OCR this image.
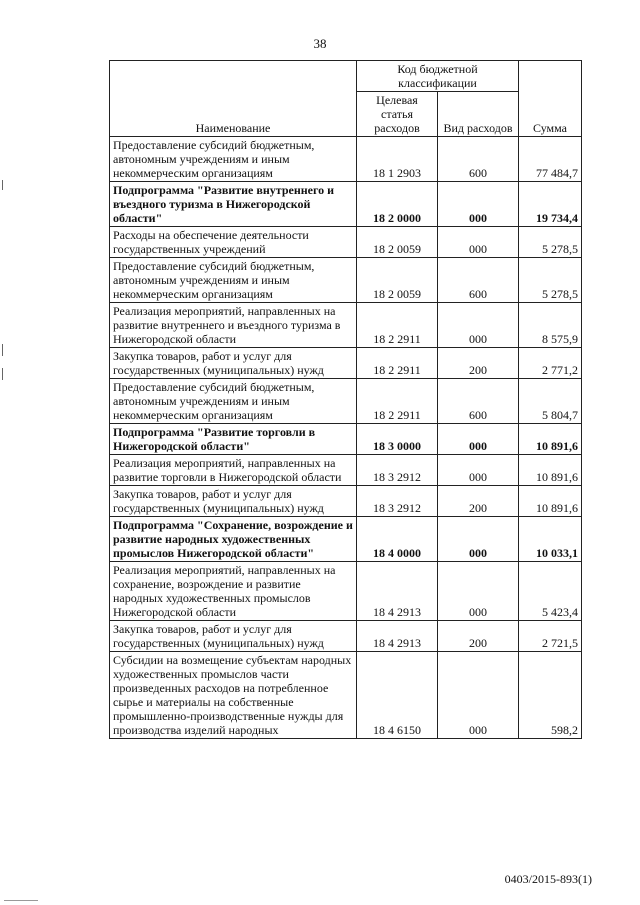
38
Наименование	Код бюджетной классификации		Сумма
	Целевая статья расходов	Вид расходов	
Предоставление субсидий бюджетным, автономным учреждениям и иным некоммерческим организациям	18 1 2903	600	77 484,7
Подпрограмма "Развитие внутреннего и въездного туризма в Нижегородской области"	18 2 0000	000	19 734,4
Расходы на обеспечение деятельности государственных учреждений	18 2 0059	000	5 278,5
Предоставление субсидий бюджетным, автономным учреждениям и иным некоммерческим организациям	18 2 0059	600	5 278,5
Реализация мероприятий, направленных на развитие внутреннего и въездного туризма в Нижегородской области	18 2 2911	000	8 575,9
Закупка товаров, работ и услуг для государственных (муниципальных) нужд	18 2 2911	200	2 771,2
Предоставление субсидий бюджетным, автономным учреждениям и иным некоммерческим организациям	18 2 2911	600	5 804,7
Подпрограмма "Развитие торговли в Нижегородской области"	18 3 0000	000	10 891,6
Реализация мероприятий, направленных на развитие торговли в Нижегородской области	18 3 2912	000	10 891,6
Закупка товаров, работ и услуг для государственных (муниципальных) нужд	18 3 2912	200	10 891,6
Подпрограмма "Сохранение, возрождение и развитие народных художественных промыслов Нижегородской области"	18 4 0000	000	10 033,1
Реализация мероприятий, направленных на сохранение, возрождение и развитие народных художественных промыслов Нижегородской области	18 4 2913	000	5 423,4
Закупка товаров, работ и услуг для государственных (муниципальных) нужд	18 4 2913	200	2 721,5
Субсидии на возмещение субъектам народных художественных промыслов части произведенных расходов на потребленное сырье и материалы на собственные промышленно-производственные нужды для производства изделий народных	18 4 6150	000	598,2
0403/2015-893(1)
